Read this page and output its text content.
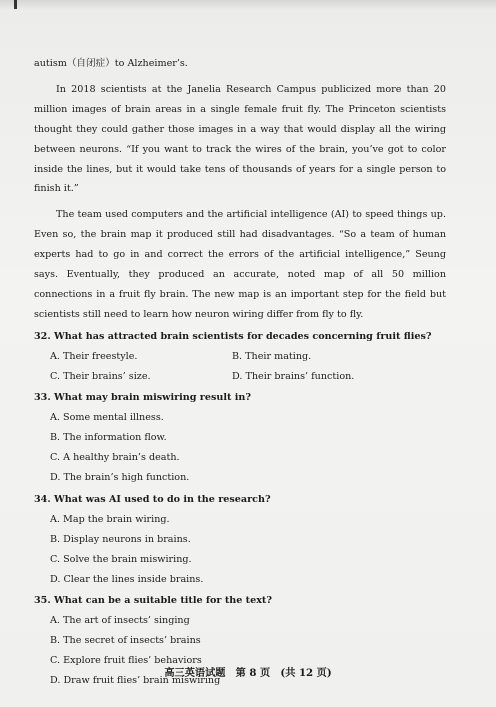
autism（自闭症）to Alzheimer’s.

In 2018 scientists at the Janelia Research Campus publicized more than 20 million images of brain areas in a single female fruit fly. The Princeton scientists thought they could gather those images in a way that would display all the wiring between neurons. “If you want to track the wires of the brain, you’ve got to color inside the lines, but it would take tens of thousands of years for a single person to finish it.”

The team used computers and the artificial intelligence (AI) to speed things up. Even so, the brain map it produced still had disadvantages. “So a team of human experts had to go in and correct the errors of the artificial intelligence,” Seung says. Eventually, they produced an accurate, noted map of all 50 million connections in a fruit fly brain. The new map is an important step for the field but scientists still need to learn how neuron wiring differ from fly to fly.

32. What has attracted brain scientists for decades concerning fruit flies?
A. Their freestyle.	B. Their mating.
C. Their brains’ size.	D. Their brains’ function.
33. What may brain miswiring result in?
A. Some mental illness.
B. The information flow.
C. A healthy brain’s death.
D. The brain’s high function.
34. What was AI used to do in the research?
A. Map the brain wiring.
B. Display neurons in brains.
C. Solve the brain miswiring.
D. Clear the lines inside brains.
35. What can be a suitable title for the text?
A. The art of insects’ singing
B. The secret of insects’ brains
C. Explore fruit flies’ behaviors
D. Draw fruit flies’ brain miswiring
高三英语试题　第 8 页　(共 12 页)
